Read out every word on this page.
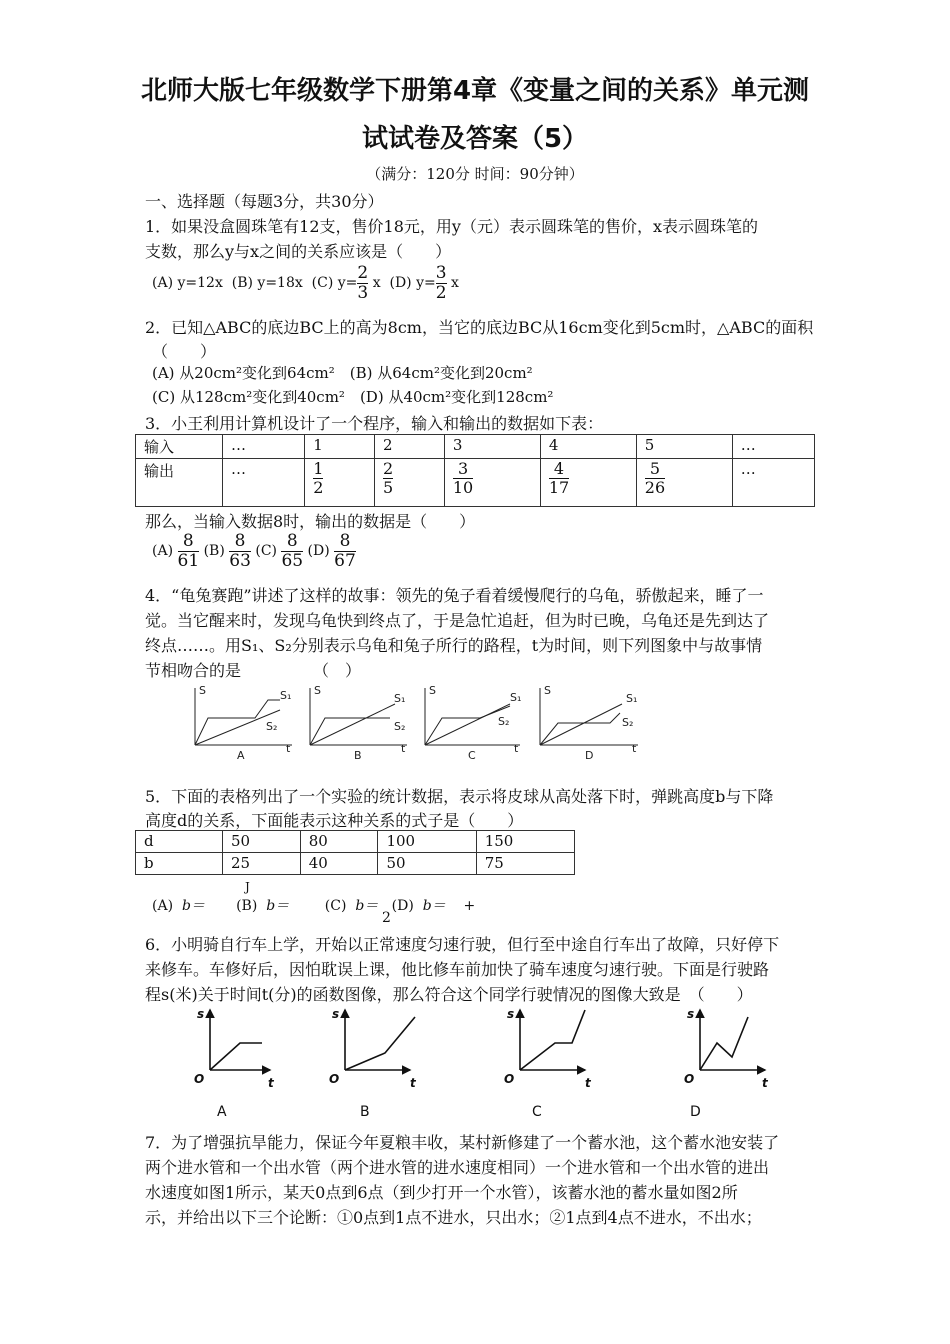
北师大版七年级数学下册第4章《变量之间的关系》单元测
试试卷及答案（5）
（满分：120分 时间：90分钟）
一、选择题（每题3分，共30分）
1．如果没盒圆珠笔有12支，售价18元，用y（元）表示圆珠笔的售价，x表示圆珠笔的
支数，那么y与x之间的关系应该是（　　）
(A) y=12x (B) y=18x (C) $y= \frac{2}{3}$ x (D) $y= \frac{3}{2}$ x
2．已知△ABC的底边BC上的高为8cm，当它的底边BC从16cm变化到5cm时，△ABC的面积
（　　）
(A) 从20cm²变化到64cm²　(B) 从64cm²变化到20cm²
(C) 从128cm²变化到40cm²　(D) 从40cm²变化到128cm²
3．小王利用计算机设计了一个程序，输入和输出的数据如下表：
输入	…	1	2	3	4	5	…
输出	…	$\frac{1}{2}$	$\frac{2}{5}$	$\frac{3}{10}$	$\frac{4}{17}$	$\frac{5}{26}$	…
那么，当输入数据8时，输出的数据是（　　）
$(A) \frac{8}{61} (B) \frac{8}{63} (C) \frac{8}{65} (D) \frac{8}{67}$
4．“龟兔赛跑”讲述了这样的故事：领先的兔子看着缓慢爬行的乌龟，骄傲起来，睡了一
觉。当它醒来时，发现乌龟快到终点了，于是急忙追赶，但为时已晚，乌龟还是先到达了
终点……。用S₁、S₂分别表示乌龟和兔子所行的路程，t为时间，则下列图象中与故事情
节相吻合的是　　　　　（　）
S
t
S₁
S₂
S
t
S₁
S₂
S
t
S₁
S₂
S
t
S₁
S₂
A	B	C	D
5．下面的表格列出了一个实验的统计数据，表示将皮球从高处落下时，弹跳高度b与下降
高度d的关系，下面能表示这种关系的式子是（　　）
d	50	80	100	150
b	25	40	50	75
J
(A) b＝ (B) b＝	(C) b＝ (D) b＝ +
2
6．小明骑自行车上学，开始以正常速度匀速行驶，但行至中途自行车出了故障，只好停下
来修车。车修好后，因怕耽误上课，他比修车前加快了骑车速度匀速行驶。下面是行驶路
程s(米)关于时间t(分)的函数图像，那么符合这个同学行驶情况的图像大致是　（　　）
s
O	t
s
O	t
s
O	t
s
O	t
A	B	C	D
7．为了增强抗旱能力，保证今年夏粮丰收，某村新修建了一个蓄水池，这个蓄水池安装了
两个进水管和一个出水管（两个进水管的进水速度相同）一个进水管和一个出水管的进出
水速度如图1所示，某天0点到6点（到少打开一个水管），该蓄水池的蓄水量如图2所
示，并给出以下三个论断：①0点到1点不进水，只出水；②1点到4点不进水，不出水；
